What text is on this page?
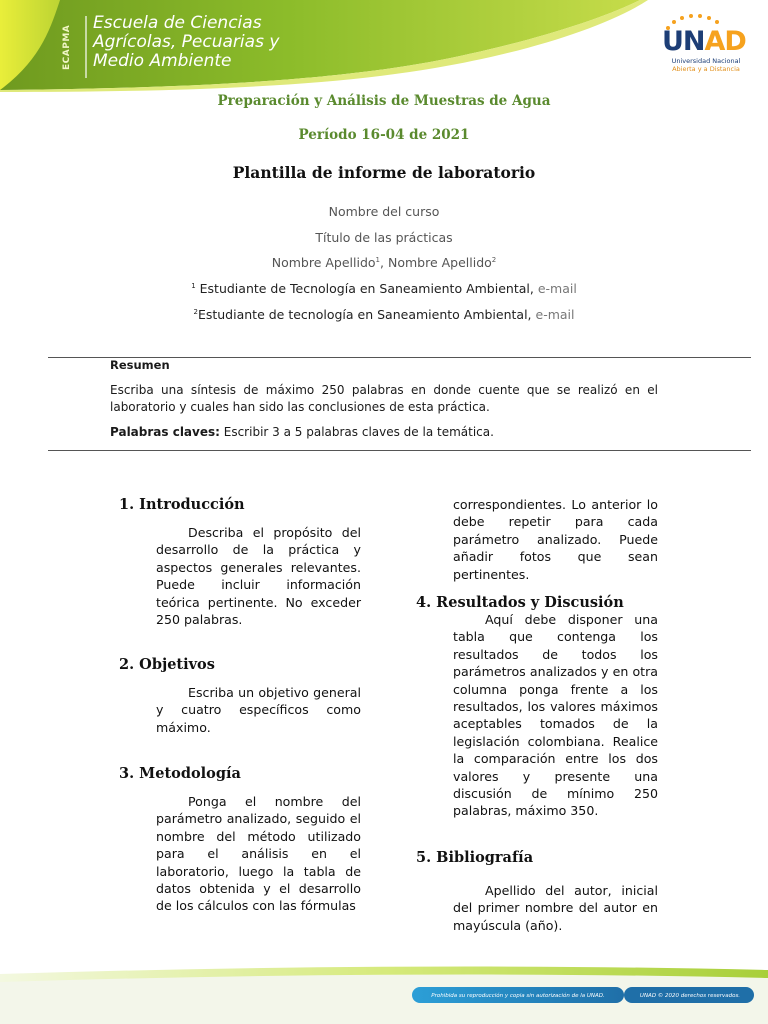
ECAPMA
Escuela de Ciencias
Agrícolas, Pecuarias y
Medio Ambiente
UNAD
Universidad Nacional
Abierta y a Distancia
Preparación y Análisis de Muestras de Agua
Período 16-04 de 2021
Plantilla de informe de laboratorio
Nombre del curso
Título de las prácticas
Nombre Apellido$^1$, Nombre Apellido$^2$
$^1$ Estudiante de Tecnología en Saneamiento Ambiental, e-mail
$^2$Estudiante de tecnología en Saneamiento Ambiental, e-mail
Resumen
Escriba una síntesis de máximo 250 palabras en donde cuente que se realizó en el laboratorio y cuales han sido las conclusiones de esta práctica.
Palabras claves: Escribir 3 a 5 palabras claves de la temática.
1. Introducción
Describa el propósito del desarrollo de la práctica y aspectos generales relevantes. Puede incluir información teórica pertinente. No exceder 250 palabras.
2. Objetivos
Escriba un objetivo general y cuatro específicos como máximo.
3. Metodología
Ponga el nombre del parámetro analizado, seguido el nombre del método utilizado para el análisis en el laboratorio, luego la tabla de datos obtenida y el desarrollo de los cálculos con las fórmulas
correspondientes. Lo anterior lo debe repetir para cada parámetro analizado. Puede añadir fotos que sean pertinentes.
4. Resultados y Discusión
Aquí debe disponer una tabla que contenga los resultados de todos los parámetros analizados y en otra columna ponga frente a los resultados, los valores máximos aceptables tomados de la legislación colombiana. Realice la comparación entre los dos valores y presente una discusión de mínimo 250 palabras, máximo 350.
5. Bibliografía
Apellido del autor, inicial del primer nombre del autor en mayúscula (año).
Prohibida su reproducción y copia sin autorización de la UNAD.	UNAD © 2020 derechos reservados.
